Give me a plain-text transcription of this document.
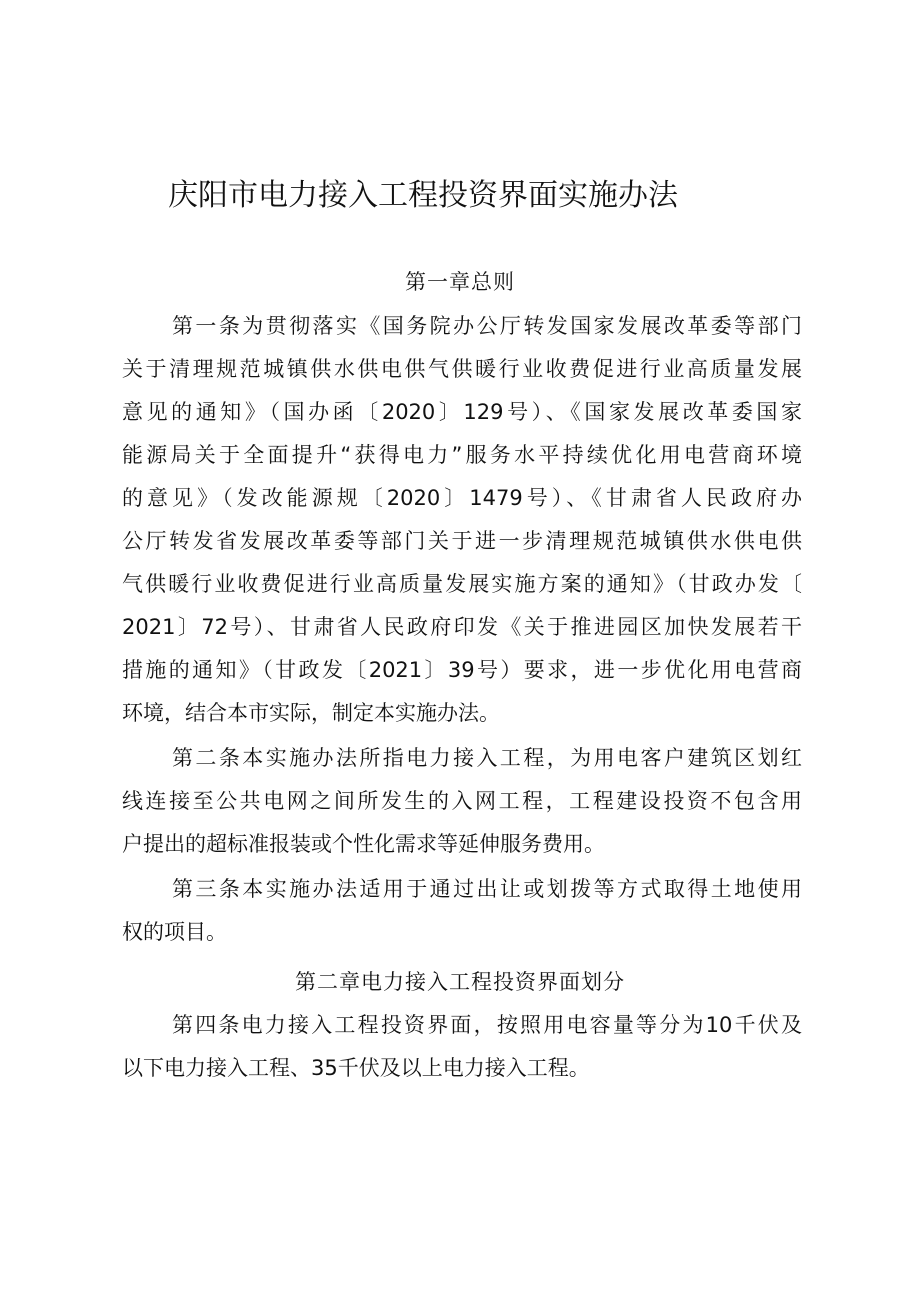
庆阳市电力接入工程投资界面实施办法
第一章总则
第一条为贯彻落实《国务院办公厅转发国家发展改革委等部门
关于清理规范城镇供水供电供气供暖行业收费促进行业高质量发展
意见的通知》（国办函〔2020〕129号）、《国家发展改革委国家
能源局关于全面提升“获得电力”服务水平持续优化用电营商环境
的意见》（发改能源规〔2020〕1479号）、《甘肃省人民政府办
公厅转发省发展改革委等部门关于进一步清理规范城镇供水供电供
气供暖行业收费促进行业高质量发展实施方案的通知》（甘政办发〔
2021〕72号）、甘肃省人民政府印发《关于推进园区加快发展若干
措施的通知》（甘政发〔2021〕39号）要求，进一步优化用电营商
环境，结合本市实际，制定本实施办法。
第二条本实施办法所指电力接入工程，为用电客户建筑区划红
线连接至公共电网之间所发生的入网工程，工程建设投资不包含用
户提出的超标准报装或个性化需求等延伸服务费用。
第三条本实施办法适用于通过出让或划拨等方式取得土地使用
权的项目。
第二章电力接入工程投资界面划分
第四条电力接入工程投资界面，按照用电容量等分为10千伏及
以下电力接入工程、35千伏及以上电力接入工程。
